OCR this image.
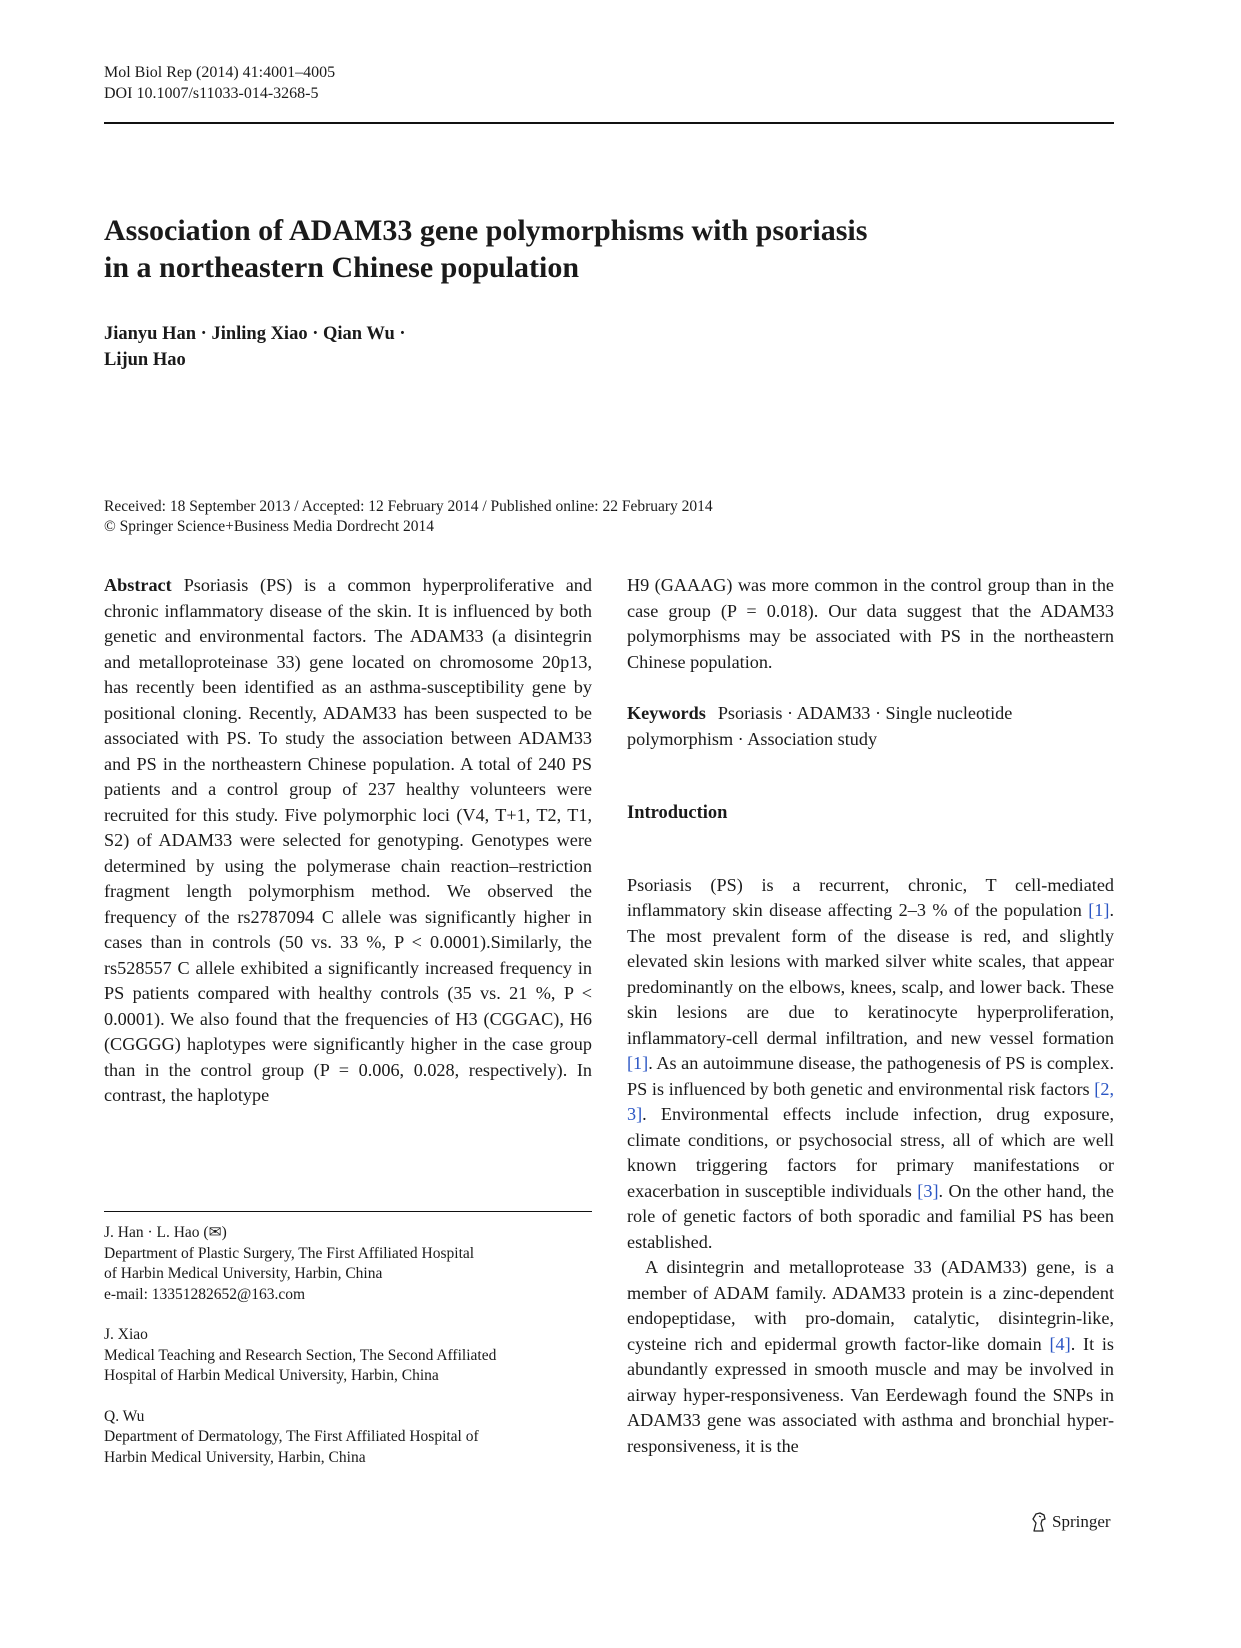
Mol Biol Rep (2014) 41:4001–4005
DOI 10.1007/s11033-014-3268-5
Association of ADAM33 gene polymorphisms with psoriasis
in a northeastern Chinese population
Jianyu Han · Jinling Xiao · Qian Wu ·
Lijun Hao
Received: 18 September 2013 / Accepted: 12 February 2014 / Published online: 22 February 2014
© Springer Science+Business Media Dordrecht 2014

Abstract Psoriasis (PS) is a common hyperproliferative and chronic inflammatory disease of the skin. It is influenced by both genetic and environmental factors. The ADAM33 (a disintegrin and metalloproteinase 33) gene located on chromosome 20p13, has recently been identified as an asthma-susceptibility gene by positional cloning. Recently, ADAM33 has been suspected to be associated with PS. To study the association between ADAM33 and PS in the northeastern Chinese population. A total of 240 PS patients and a control group of 237 healthy volunteers were recruited for this study. Five polymorphic loci (V4, T+1, T2, T1, S2) of ADAM33 were selected for genotyping. Genotypes were determined by using the polymerase chain reaction–restriction fragment length polymorphism method. We observed the frequency of the rs2787094 C allele was significantly higher in cases than in controls (50 vs. 33 %, P < 0.0001).Similarly, the rs528557 C allele exhibited a significantly increased frequency in PS patients compared with healthy controls (35 vs. 21 %, P < 0.0001). We also found that the frequencies of H3 (CGGAC), H6 (CGGGG) haplotypes were significantly higher in the case group than in the control group (P = 0.006, 0.028, respectively). In contrast, the haplotype

J. Han · L. Hao (✉)
Department of Plastic Surgery, The First Affiliated Hospital
of Harbin Medical University, Harbin, China
e-mail: 13351282652@163.com
J. Xiao
Medical Teaching and Research Section, The Second Affiliated
Hospital of Harbin Medical University, Harbin, China
Q. Wu
Department of Dermatology, The First Affiliated Hospital of
Harbin Medical University, Harbin, China

H9 (GAAAG) was more common in the control group than in the case group (P = 0.018). Our data suggest that the ADAM33 polymorphisms may be associated with PS in the northeastern Chinese population.

Keywords Psoriasis · ADAM33 · Single nucleotide polymorphism · Association study

Introduction

Psoriasis (PS) is a recurrent, chronic, T cell-mediated inflammatory skin disease affecting 2–3 % of the population [1]. The most prevalent form of the disease is red, and slightly elevated skin lesions with marked silver white scales, that appear predominantly on the elbows, knees, scalp, and lower back. These skin lesions are due to keratinocyte hyperproliferation, inflammatory-cell dermal infiltration, and new vessel formation [1]. As an autoimmune disease, the pathogenesis of PS is complex. PS is influenced by both genetic and environmental risk factors [2, 3]. Environmental effects include infection, drug exposure, climate conditions, or psychosocial stress, all of which are well known triggering factors for primary manifestations or exacerbation in susceptible individuals [3]. On the other hand, the role of genetic factors of both sporadic and familial PS has been established.

A disintegrin and metalloprotease 33 (ADAM33) gene, is a member of ADAM family. ADAM33 protein is a zinc-dependent endopeptidase, with pro-domain, catalytic, disintegrin-like, cysteine rich and epidermal growth factor-like domain [4]. It is abundantly expressed in smooth muscle and may be involved in airway hyper-responsiveness. Van Eerdewagh found the SNPs in ADAM33 gene was associated with asthma and bronchial hyper-responsiveness, it is the

Springer
